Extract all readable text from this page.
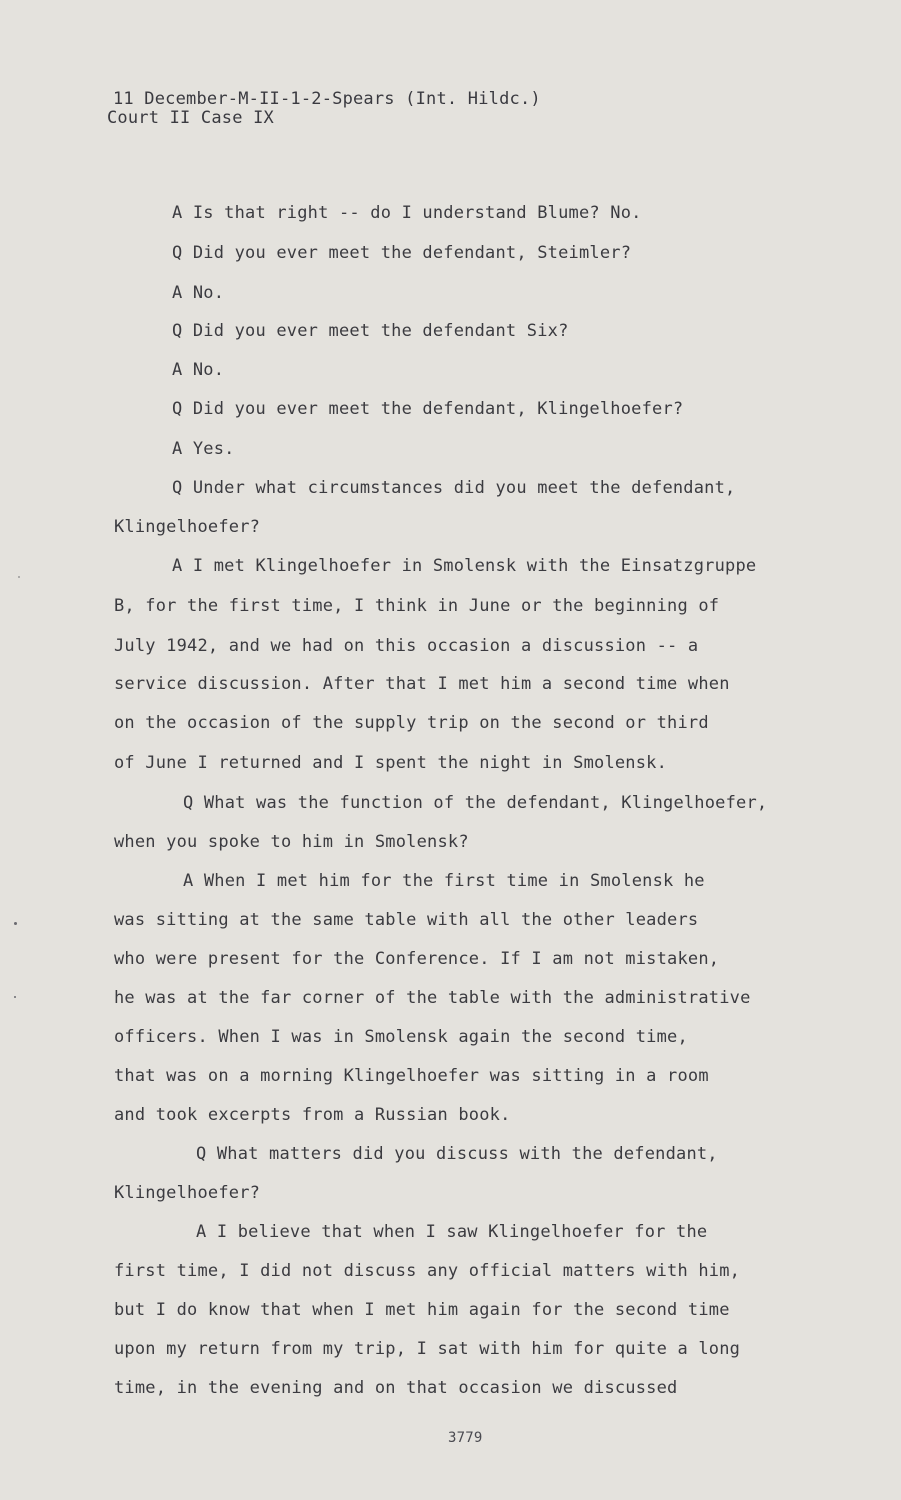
11 December-M-II-1-2-Spears (Int. Hildc.)
Court II Case IX
A Is that right -- do I understand Blume? No.
Q Did you ever meet the defendant, Steimler?
A No.
Q Did you ever meet the defendant Six?
A No.
Q Did you ever meet the defendant, Klingelhoefer?
A Yes.
Q Under what circumstances did you meet the defendant,
Klingelhoefer?
A I met Klingelhoefer in Smolensk with the Einsatzgruppe
B, for the first time, I think in June or the beginning of
July 1942, and we had on this occasion a discussion -- a
service discussion. After that I met him a second time when
on the occasion of the supply trip on the second or third
of June I returned and I spent the night in Smolensk.
Q What was the function of the defendant, Klingelhoefer,
when you spoke to him in Smolensk?
A When I met him for the first time in Smolensk he
was sitting at the same table with all the other leaders
who were present for the Conference. If I am not mistaken,
he was at the far corner of the table with the administrative
officers. When I was in Smolensk again the second time,
that was on a morning Klingelhoefer was sitting in a room
and took excerpts from a Russian book.
Q What matters did you discuss with the defendant,
Klingelhoefer?
A I believe that when I saw Klingelhoefer for the
first time, I did not discuss any official matters with him,
but I do know that when I met him again for the second time
upon my return from my trip, I sat with him for quite a long
time, in the evening and on that occasion we discussed
3779
